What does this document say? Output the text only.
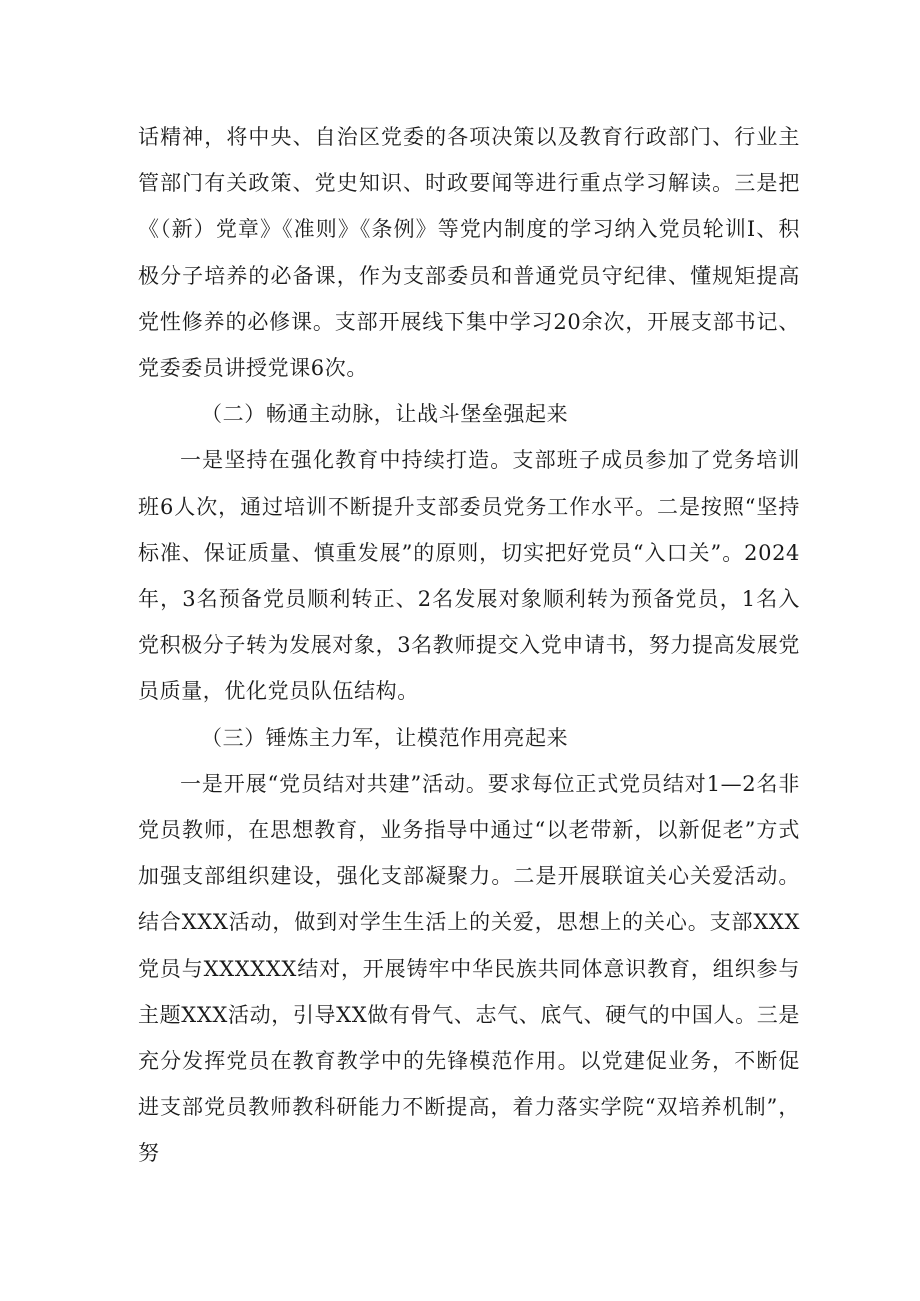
话精神，将中央、自治区党委的各项决策以及教育行政部门、行业主管部门有关政策、党史知识、时政要闻等进行重点学习解读。三是把《（新）党章》《准则》《条例》等党内制度的学习纳入党员轮训I、积极分子培养的必备课，作为支部委员和普通党员守纪律、懂规矩提高党性修养的必修课。支部开展线下集中学习20余次，开展支部书记、党委委员讲授党课6次。

（二）畅通主动脉，让战斗堡垒强起来

一是坚持在强化教育中持续打造。支部班子成员参加了党务培训班6人次，通过培训不断提升支部委员党务工作水平。二是按照“坚持标准、保证质量、慎重发展”的原则，切实把好党员“入口关”。2024年，3名预备党员顺利转正、2名发展对象顺利转为预备党员，1名入党积极分子转为发展对象，3名教师提交入党申请书，努力提高发展党员质量，优化党员队伍结构。

（三）锤炼主力军，让模范作用亮起来

一是开展“党员结对共建”活动。要求每位正式党员结对1—2名非党员教师，在思想教育，业务指导中通过“以老带新，以新促老”方式加强支部组织建设，强化支部凝聚力。二是开展联谊关心关爱活动。结合XXX活动，做到对学生生活上的关爱，思想上的关心。支部XXX党员与XXXXXX结对，开展铸牢中华民族共同体意识教育，组织参与主题XXX活动，引导XX做有骨气、志气、底气、硬气的中国人。三是充分发挥党员在教育教学中的先锋模范作用。以党建促业务，不断促进支部党员教师教科研能力不断提高，着力落实学院“双培养机制”，努
